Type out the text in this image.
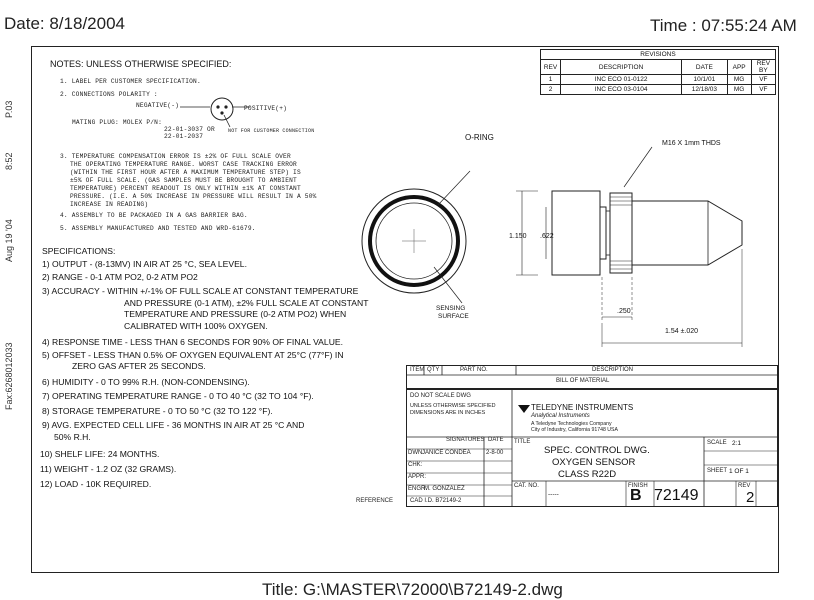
Date: 8/18/2004	Time : 07:55:24 AM
Title: G:\MASTER\72000\B72149-2.dwg
Fax:6268012033
Aug 19 '04
8:52
P.03
NOTES: UNLESS OTHERWISE SPECIFIED:
1. LABEL PER CUSTOMER SPECIFICATION.
2. CONNECTIONS POLARITY :
NEGATIVE(-)	POSITIVE(+)
MATING PLUG: MOLEX P/N:
22-01-3037 OR
22-01-2037
NOT FOR CUSTOMER CONNECTION
3. TEMPERATURE COMPENSATION ERROR IS ±2% OF FULL SCALE OVER
THE OPERATING TEMPERATURE RANGE. WORST CASE TRACKING ERROR
(WITHIN THE FIRST HOUR AFTER A MAXIMUM TEMPERATURE STEP) IS
±5% OF FULL SCALE. (GAS SAMPLES MUST BE BROUGHT TO AMBIENT
TEMPERATURE) PERCENT READOUT IS ONLY WITHIN ±1% AT CONSTANT
PRESSURE. (I.E. A 50% INCREASE IN PRESSURE WILL RESULT IN A 50%
INCREASE IN READING)
4. ASSEMBLY TO BE PACKAGED IN A GAS BARRIER BAG.
5. ASSEMBLY MANUFACTURED AND TESTED AND WRD-61679.
SPECIFICATIONS:
1) OUTPUT - (8-13MV) IN AIR AT 25 °C, SEA LEVEL.
2) RANGE - 0-1 ATM PO2, 0-2 ATM PO2
3) ACCURACY - WITHIN +/-1% OF FULL SCALE AT CONSTANT TEMPERATURE
AND PRESSURE (0-1 ATM), ±2% FULL SCALE AT CONSTANT
TEMPERATURE AND PRESSURE (0-2 ATM PO2) WHEN
CALIBRATED WITH 100% OXYGEN.
4) RESPONSE TIME - LESS THAN 6 SECONDS FOR 90% OF FINAL VALUE.
5) OFFSET - LESS THAN 0.5% OF OXYGEN EQUIVALENT AT 25°C (77°F) IN
ZERO GAS AFTER 25 SECONDS.
6) HUMIDITY - 0 TO 99% R.H. (NON-CONDENSING).
7) OPERATING TEMPERATURE RANGE - 0 TO 40 °C (32 TO 104 °F).
8) STORAGE TEMPERATURE - 0 TO 50 °C (32 TO 122 °F).
9) AVG. EXPECTED CELL LIFE - 36 MONTHS IN AIR AT 25 °C AND
50% R.H.
10) SHELF LIFE: 24 MONTHS.
11) WEIGHT - 1.2 OZ (32 GRAMS).
12) LOAD - 10K REQUIRED.
REVISIONS				
REV	DESCRIPTION	DATE	APP	REV BY
1	INC ECO 01-0122	10/1/01	MG	VF
2	INC ECO 03-0104	12/18/03	MG	VF
O-RING
SENSING
SURFACE
M16 X 1mm THDS
1.150 .622
.250
1.54 ±.020
ITEM QTY	PART NO.	DESCRIPTION
BILL OF MATERIAL
DO NOT SCALE DWG
UNLESS OTHERWISE SPECIFIED
DIMENSIONS ARE IN INCHES
TELEDYNE INSTRUMENTS
Analytical Instruments
A Teledyne Technologies Company
City of Industry, California 91748 USA
SIGNATURES DATE
DWN:
JANICE CONDEA	2-8-00
CHK:
APPR:
ENGR:
M. GONZALEZ
CAD I.D. B72149-2
REFERENCE
TITLE
SPEC. CONTROL DWG.
OXYGEN SENSOR
CLASS R22D
SCALE 2:1
SHEET 1 OF 1
CAT. NO.
-----
FINISH
B 72149
REV
2
